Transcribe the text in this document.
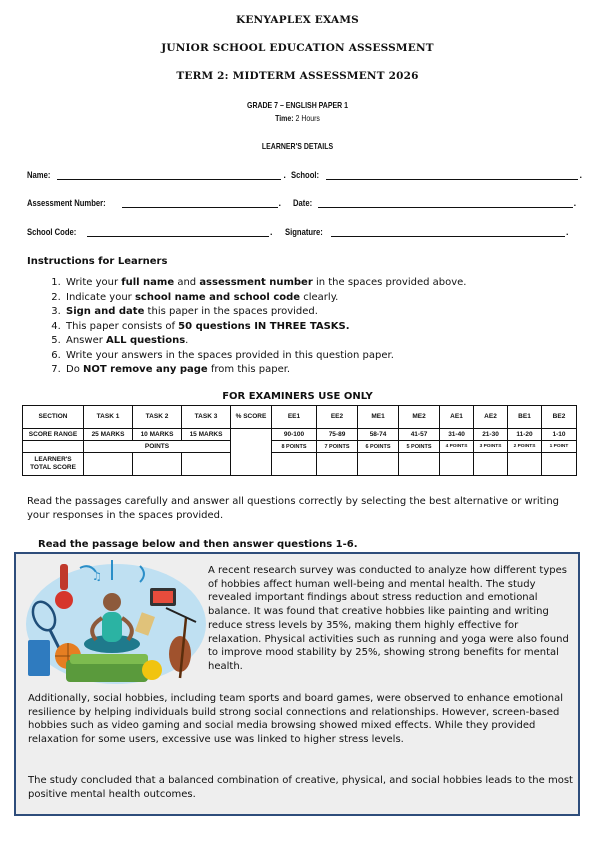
KENYAPLEX EXAMS
JUNIOR SCHOOL EDUCATION ASSESSMENT
TERM 2: MIDTERM ASSESSMENT 2026
GRADE 7 – ENGLISH PAPER 1
Time: 2 Hours
LEARNER'S DETAILS
Name:	. School:	.
Assessment Number:	. Date:	.
School Code:	. Signature:	.
Instructions for Learners
1. Write your full name and assessment number in the spaces provided above.
2. Indicate your school name and school code clearly.
3. Sign and date this paper in the spaces provided.
4. This paper consists of 50 questions IN THREE TASKS.
5. Answer ALL questions.
6. Write your answers in the spaces provided in this question paper.
7. Do NOT remove any page from this paper.
FOR EXAMINERS USE ONLY
SECTION	TASK 1	TASK 2	TASK 3	% SCORE	EE1	EE2	ME1	ME2	AE1	AE2	BE1	BE2
SCORE RANGE	25 MARKS	10 MARKS	15 MARKS		90-100	75-89	58-74	41-57	31-40	21-30	11-20	1-10
	POINTS				8 POINTS	7 POINTS	6 POINTS	5 POINTS	4 POINTS	3 POINTS	2 POINTS	1 POINT
LEARNER'S TOTAL SCORE												
Read the passages carefully and answer all questions correctly by selecting the best alternative or writing your responses in the spaces provided.
Read the passage below and then answer questions 1-6.
♫	A recent research survey was conducted to analyze how different types of hobbies affect human well-being and mental health. The study revealed important findings about stress reduction and emotional balance. It was found that creative hobbies like painting and writing reduce stress levels by 35%, making them highly effective for relaxation. Physical activities such as running and yoga were also found to improve mood stability by 25%, showing strong benefits for mental health.
Additionally, social hobbies, including team sports and board games, were observed to enhance emotional resilience by helping individuals build strong social connections and relationships. However, screen-based hobbies such as video gaming and social media browsing showed mixed effects. While they provided relaxation for some users, excessive use was linked to higher stress levels.
The study concluded that a balanced combination of creative, physical, and social hobbies leads to the most positive mental health outcomes.
